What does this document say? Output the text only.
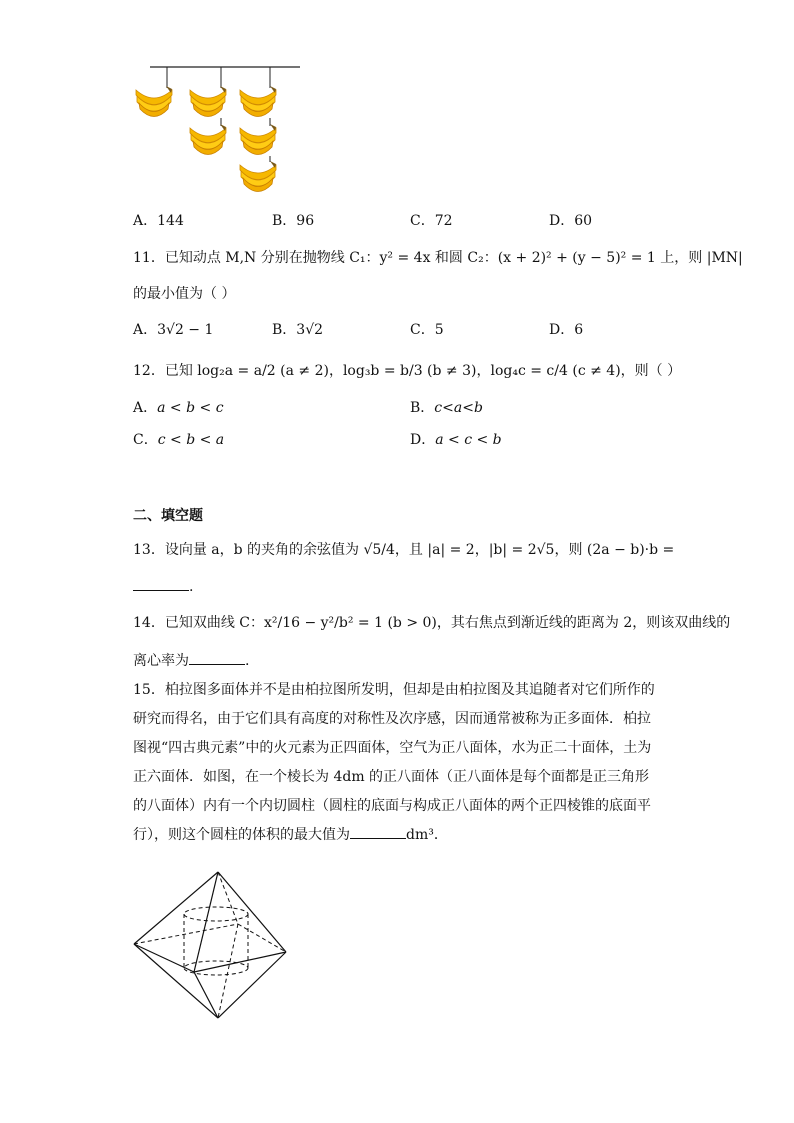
A．144	B．96	C．72	D．60
11．已知动点 M,N 分别在抛物线 C₁：y² = 4x 和圆 C₂：(x + 2)² + (y − 5)² = 1 上，则 |MN|
的最小值为（ ）
A．3√2 − 1	B．3√2	C．5	D．6
12．已知 log₂a = a/2 (a ≠ 2)，log₃b = b/3 (b ≠ 3)，log₄c = c/4 (c ≠ 4)，则（ ）
A．a < b < c	B．c<a<b
C．c < b < a	D．a < c < b
二、填空题
13．设向量 a，b 的夹角的余弦值为 √5/4，且 |a| = 2，|b| = 2√5，则 (2a − b)·b =
.
14．已知双曲线 C：x²/16 − y²/b² = 1 (b > 0)，其右焦点到渐近线的距离为 2，则该双曲线的
离心率为	.
15．柏拉图多面体并不是由柏拉图所发明，但却是由柏拉图及其追随者对它们所作的研究而得名，由于它们具有高度的对称性及次序感，因而通常被称为正多面体．柏拉图视“四古典元素”中的火元素为正四面体，空气为正八面体，水为正二十面体，土为正六面体．如图，在一个棱长为 4dm 的正八面体（正八面体是每个面都是正三角形的八面体）内有一个内切圆柱（圆柱的底面与构成正八面体的两个正四棱锥的底面平行），则这个圆柱的体积的最大值为	dm³．
